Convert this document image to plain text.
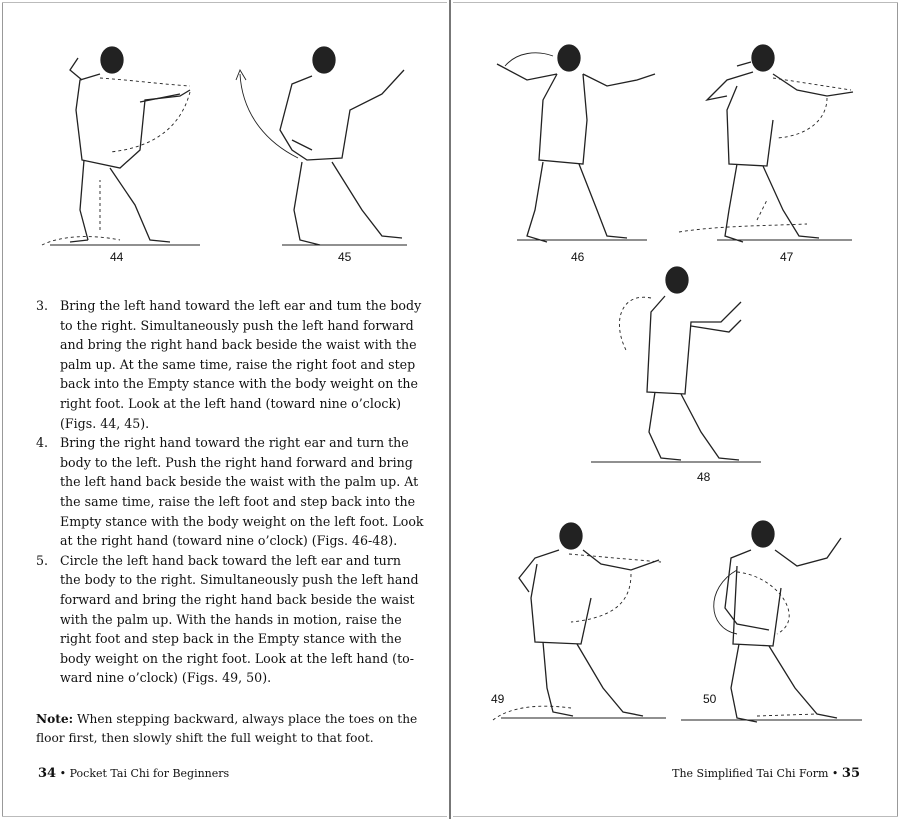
44	45
3. Bring the left hand toward the left ear and tum the body to the right. Simultaneously push the left hand forward and bring the right hand back beside the waist with the palm up. At the same time, raise the right foot and step back into the Empty stance with the body weight on the right foot. Look at the left hand (toward nine o’clock) (Figs. 44, 45).
4. Bring the right hand toward the right ear and turn the body to the left. Push the right hand forward and bring the left hand back beside the waist with the palm up. At the same time, raise the left foot and step back into the Empty stance with the body weight on the left foot. Look at the right hand (toward nine o’clock) (Figs. 46-48).
5. Circle the left hand back toward the left ear and turn the body to the right. Simultaneously push the left hand forward and bring the right hand back beside the waist with the palm up. With the hands in motion, raise the right foot and step back in the Empty stance with the body weight on the right foot. Look at the left hand (to-ward nine o’clock) (Figs. 49, 50).

Note: When stepping backward, always place the toes on the floor first, then slowly shift the full weight to that foot.

34 • Pocket Tai Chi for Beginners
46	47
48
49	50
The Simplified Tai Chi Form • 35
